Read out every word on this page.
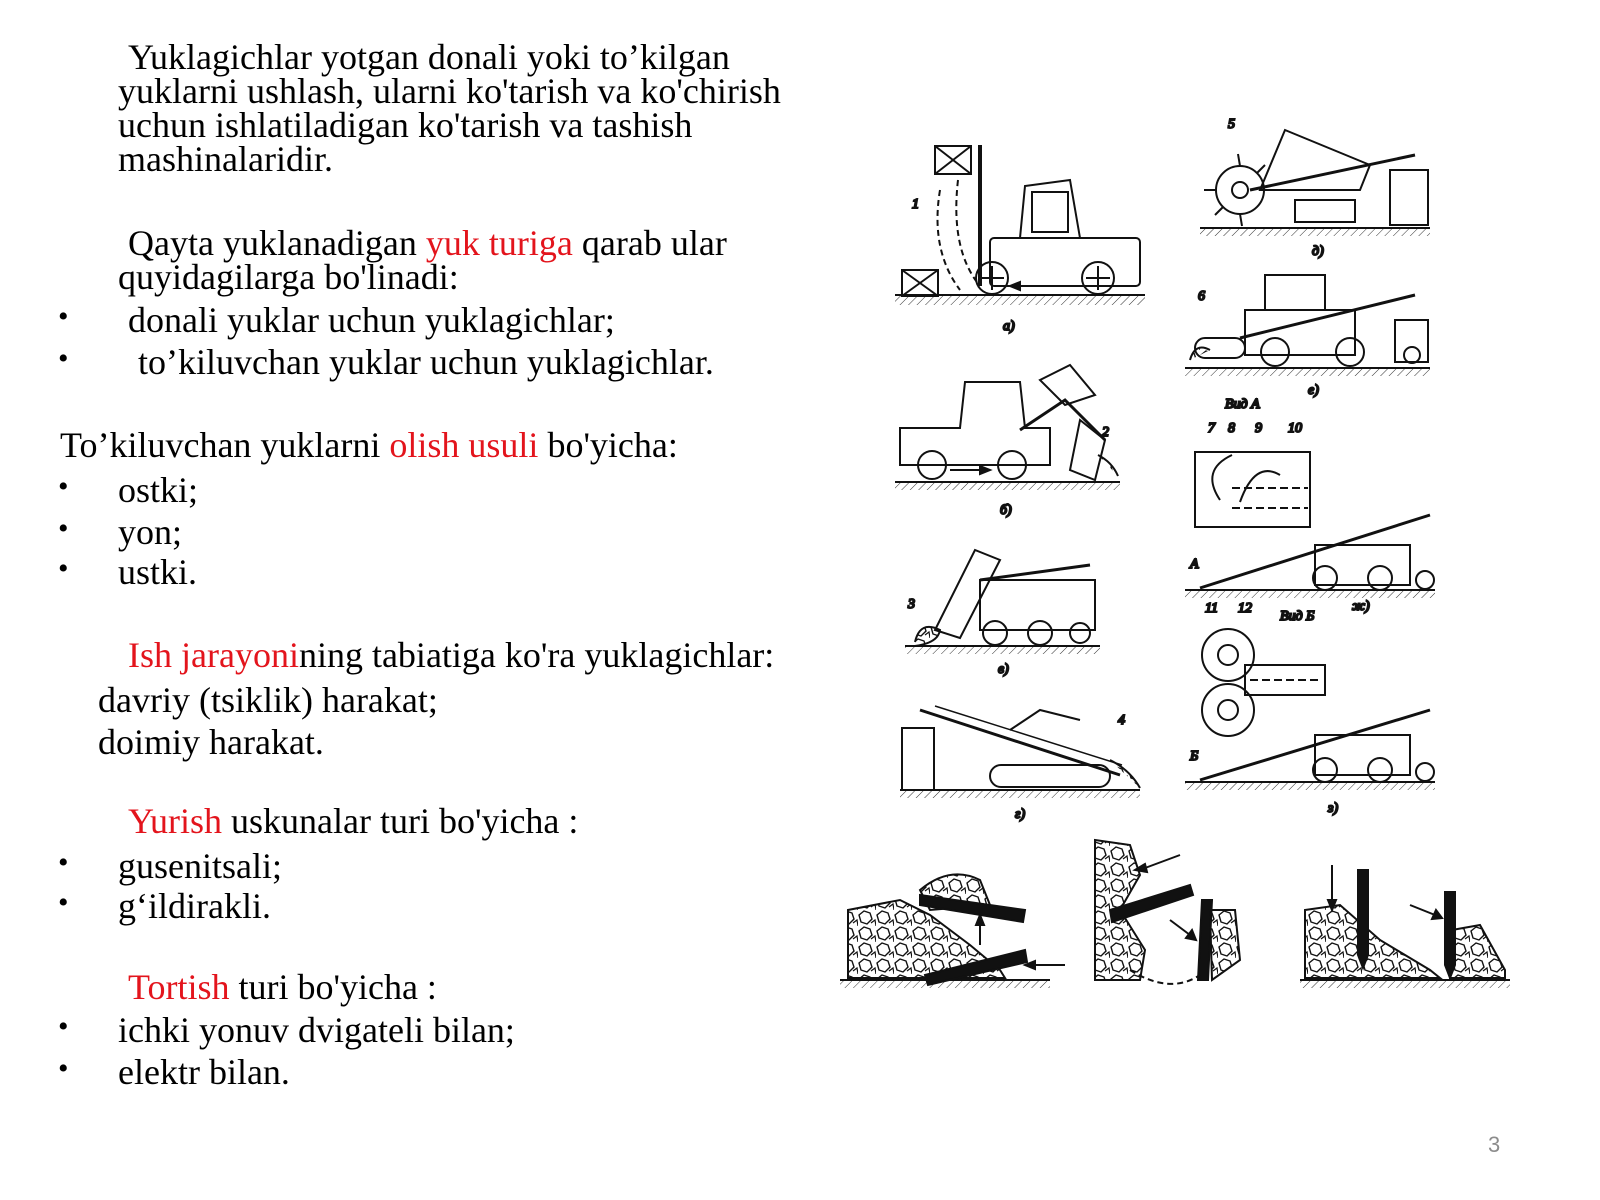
Yuklagichlar yotgan donali yoki to’kilgan
yuklarni ushlash, ularni ko'tarish va ko'chirish
uchun ishlatiladigan ko'tarish va tashish
mashinalaridir.
Qayta yuklanadigan yuk turiga qarab ular
quyidagilarga bo'linadi:
• donali yuklar uchun yuklagichlar;
• to’kiluvchan yuklar uchun yuklagichlar.
To’kiluvchan yuklarni olish usuli bo'yicha:
• ostki;
• yon;
• ustki.
Ish jarayonining tabiatiga ko'ra yuklagichlar:
davriy (tsiklik) harakat;
doimiy harakat.
Yurish uskunalar turi bo'yicha :
• gusenitsali;
• g‘ildirakli.
Tortish turi bo'yicha :
• ichki yonuv dvigateli bilan;
• elektr bilan.
1
а)
2
б)
3
в)
4
г)
5
д)
6
е)
Вид А
7 8 9 10
А
ж)
11 12
Вид Б
Б
з)
3
